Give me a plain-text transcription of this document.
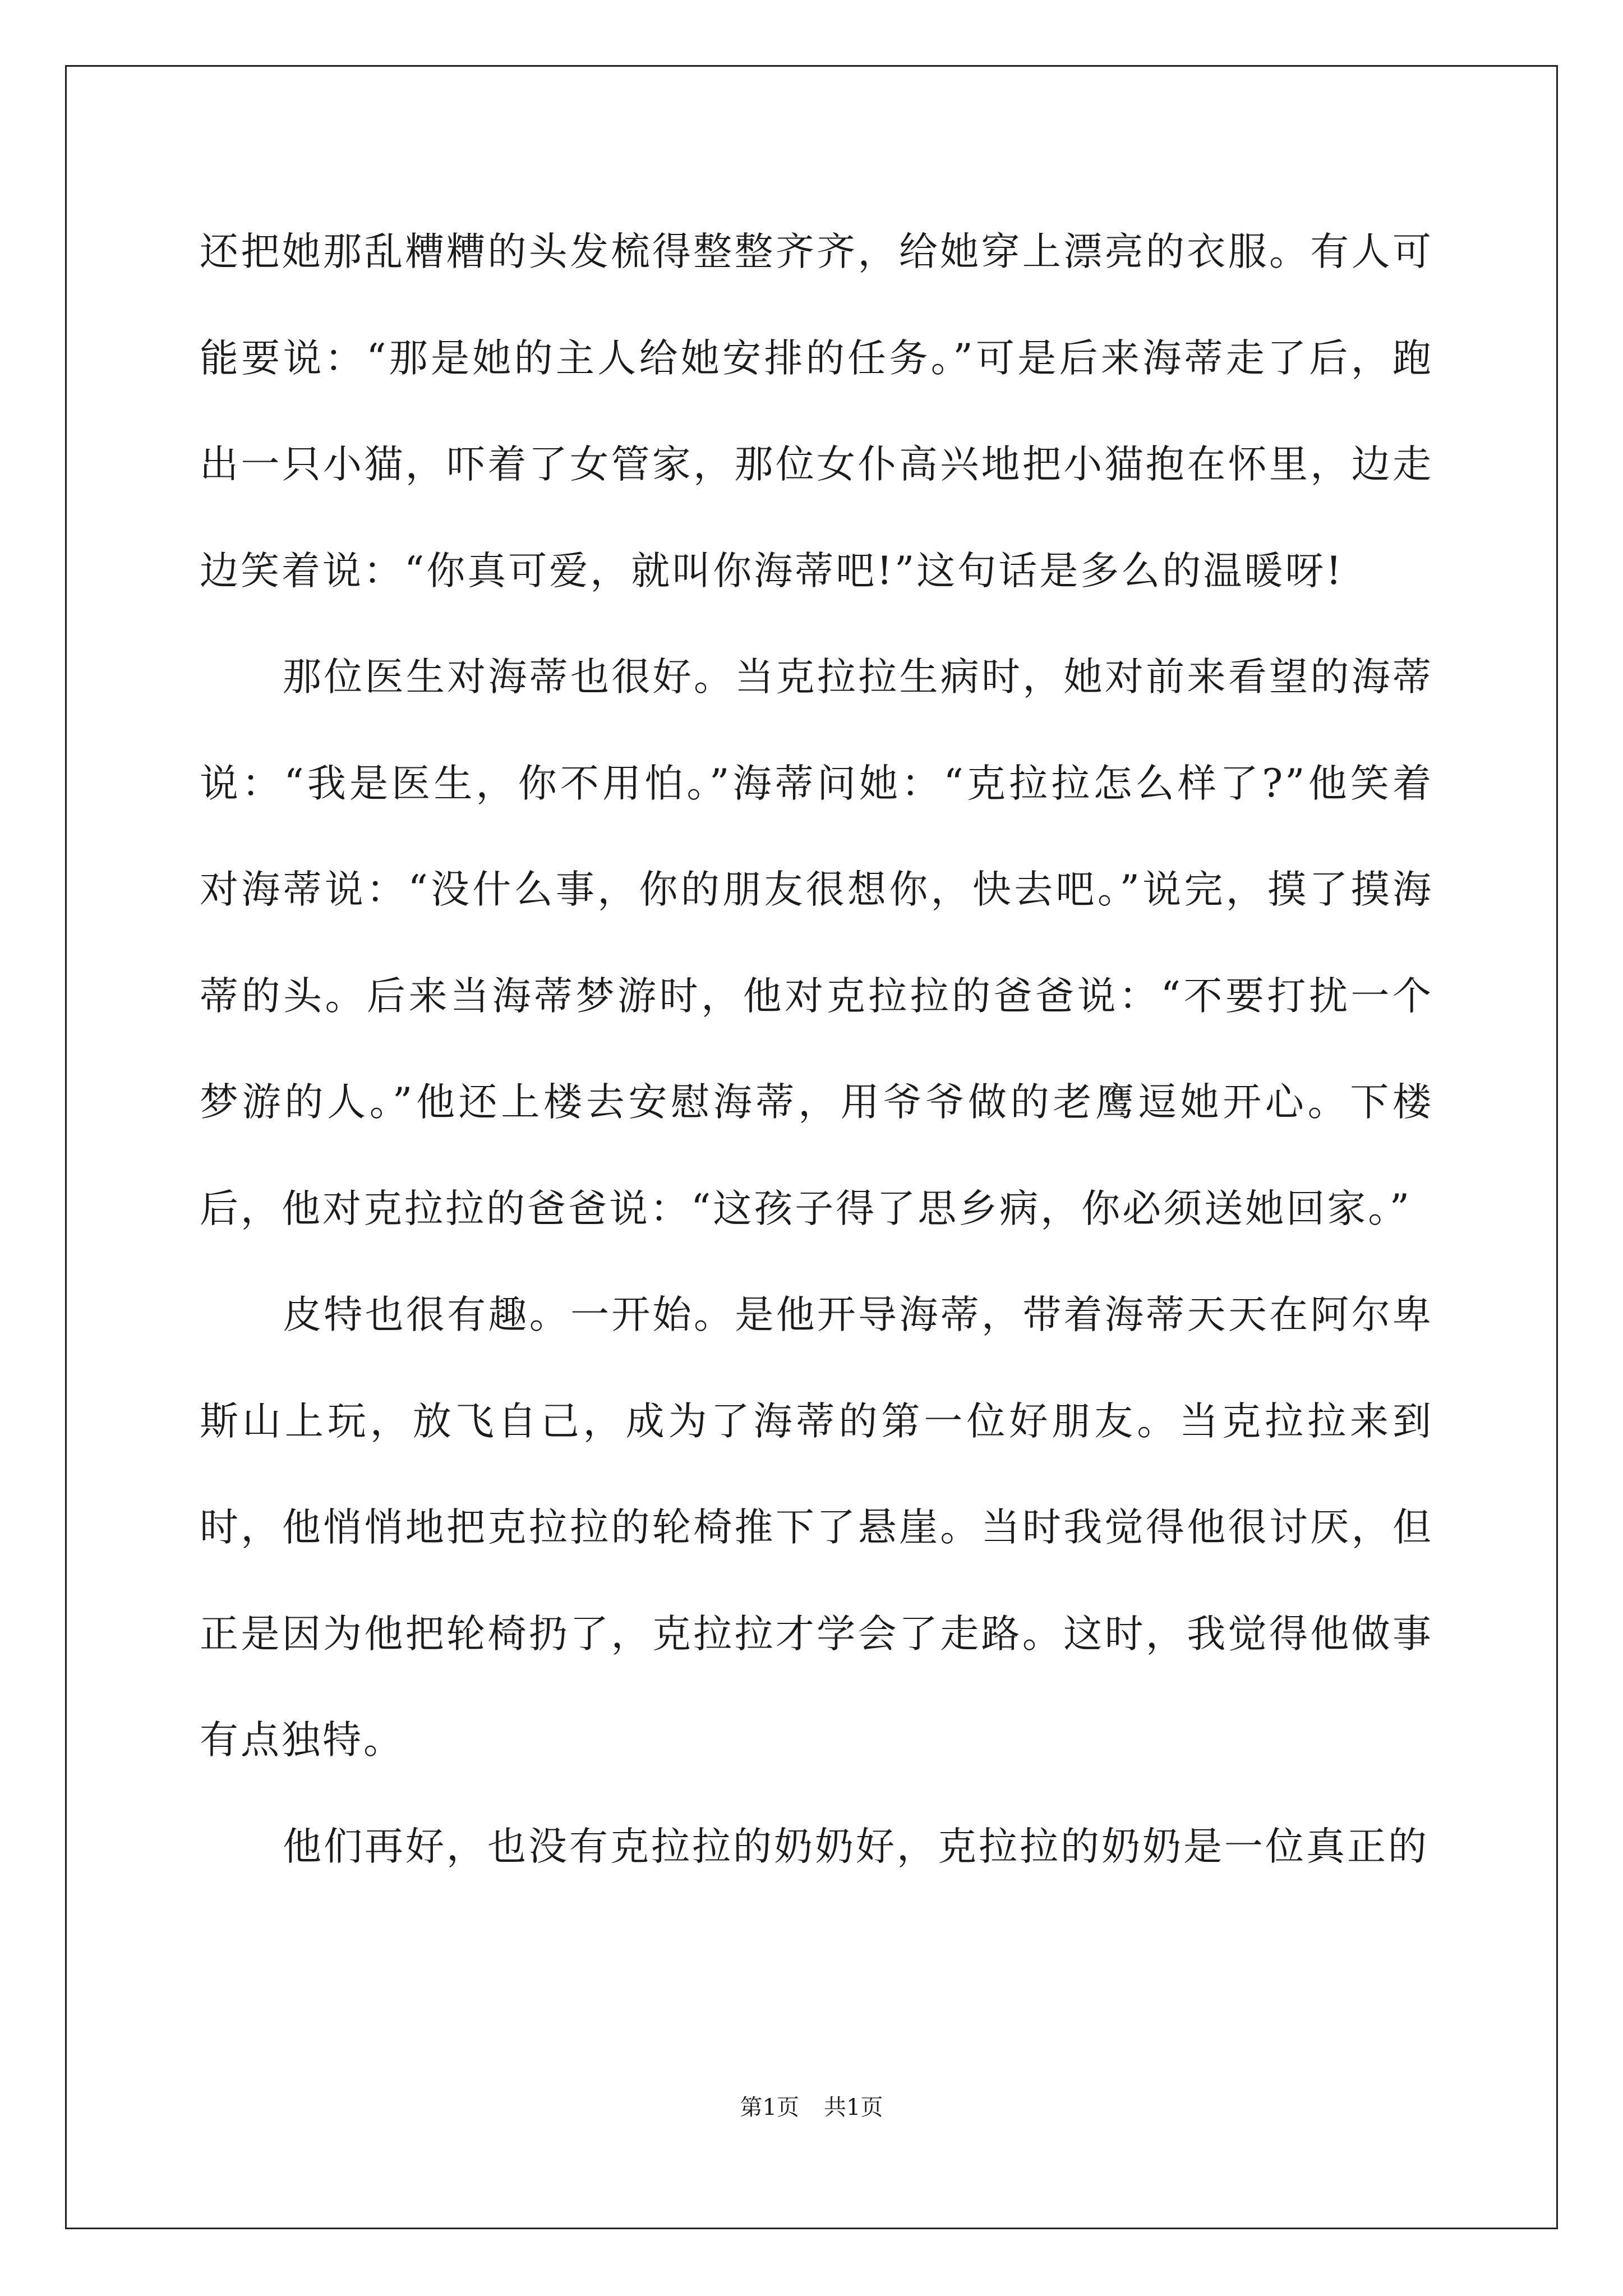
还把她那乱糟糟的头发梳得整整齐齐，给她穿上漂亮的衣服。有人可能要说：“那是她的主人给她安排的任务。”可是后来海蒂走了后，跑出一只小猫，吓着了女管家，那位女仆高兴地把小猫抱在怀里，边走边笑着说：“你真可爱，就叫你海蒂吧!”这句话是多么的温暖呀!

那位医生对海蒂也很好。当克拉拉生病时，她对前来看望的海蒂说：“我是医生，你不用怕。”海蒂问她：“克拉拉怎么样了?”他笑着对海蒂说：“没什么事，你的朋友很想你，快去吧。”说完，摸了摸海蒂的头。后来当海蒂梦游时，他对克拉拉的爸爸说：“不要打扰一个梦游的人。”他还上楼去安慰海蒂，用爷爷做的老鹰逗她开心。下楼后，他对克拉拉的爸爸说：“这孩子得了思乡病，你必须送她回家。”

皮特也很有趣。一开始。是他开导海蒂，带着海蒂天天在阿尔卑斯山上玩，放飞自己，成为了海蒂的第一位好朋友。当克拉拉来到时，他悄悄地把克拉拉的轮椅推下了悬崖。当时我觉得他很讨厌，但正是因为他把轮椅扔了，克拉拉才学会了走路。这时，我觉得他做事有点独特。

他们再好，也没有克拉拉的奶奶好，克拉拉的奶奶是一位真正的

第1页 共1页
